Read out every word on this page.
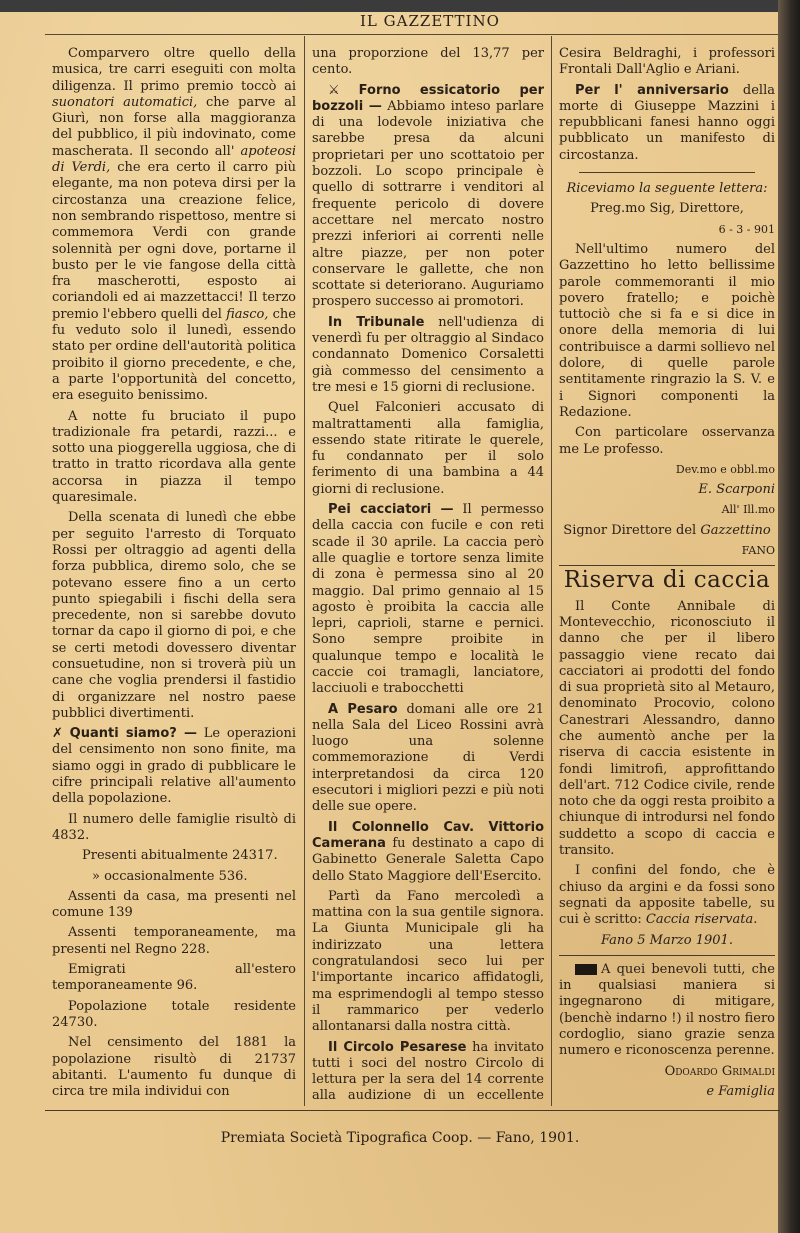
IL GAZZETTINO

Comparvero oltre quello della musica, tre carri eseguiti con molta diligenza. Il primo premio toccò ai suonatori automatici, che parve al Giurì, non forse alla maggioranza del pubblico, il più indovinato, come mascherata. Il secondo all' apoteosi di Verdi, che era certo il carro più elegante, ma non poteva dirsi per la circostanza una creazione felice, non sembrando rispettoso, mentre si commemora Verdi con grande solennità per ogni dove, portarne il busto per le vie fangose della città fra mascherotti, esposto ai coriandoli ed ai mazzettacci! Il terzo premio l'ebbero quelli del fiasco, che fu veduto solo il lunedì, essendo stato per ordine dell'autorità politica proibito il giorno precedente, e che, a parte l'opportunità del concetto, era eseguito benissimo.

A notte fu bruciato il pupo tradizionale fra petardi, razzi... e sotto una pioggerella uggiosa, che di tratto in tratto ricordava alla gente accorsa in piazza il tempo quaresimale.

Della scenata di lunedì che ebbe per seguito l'arresto di Torquato Rossi per oltraggio ad agenti della forza pubblica, diremo solo, che se potevano essere fino a un certo punto spiegabili i fischi della sera precedente, non si sarebbe dovuto tornar da capo il giorno di poi, e che se certi metodi dovessero diventar consuetudine, non si troverà più un cane che voglia prendersi il fastidio di organizzare nel nostro paese pubblici divertimenti.

✗ Quanti siamo? — Le operazioni del censimento non sono finite, ma siamo oggi in grado di pubblicare le cifre principali relative all'aumento della popolazione.

Il numero delle famiglie risultò di 4832.

Presenti abitualmente 24317.

» occasionalmente 536.

Assenti da casa, ma presenti nel comune 139

Assenti temporaneamente, ma presenti nel Regno 228.

Emigrati all'estero temporaneamente 96.

Popolazione totale residente 24730.

Nel censimento del 1881 la popolazione risultò di 21737 abitanti. L'aumento fu dunque di circa tre mila individui con

una proporzione del 13,77 per cento.

⚔ Forno essicatorio per bozzoli — Abbiamo inteso parlare di una lodevole iniziativa che sarebbe presa da alcuni proprietari per uno scottatoio per bozzoli. Lo scopo principale è quello di sottrarre i venditori al frequente pericolo di dovere accettare nel mercato nostro prezzi inferiori ai correnti nelle altre piazze, per non poter conservare le gallette, che non scottate si deteriorano. Auguriamo prospero successo ai promotori.

In Tribunale nell'udienza di venerdì fu per oltraggio al Sindaco condannato Domenico Corsaletti già commesso del censimento a tre mesi e 15 giorni di reclusione.

Quel Falconieri accusato di maltrattamenti alla famiglia, essendo state ritirate le querele, fu condannato per il solo ferimento di una bambina a 44 giorni di reclusione.

Pei cacciatori — Il permesso della caccia con fucile e con reti scade il 30 aprile. La caccia però alle quaglie e tortore senza limite di zona è permessa sino al 20 maggio. Dal primo gennaio al 15 agosto è proibita la caccia alle lepri, caprioli, starne e pernici. Sono sempre proibite in qualunque tempo e località le caccie coi tramagli, lanciatore, lacciuoli e trabocchetti

A Pesaro domani alle ore 21 nella Sala del Liceo Rossini avrà luogo una solenne commemorazione di Verdi interpretandosi da circa 120 esecutori i migliori pezzi e più noti delle sue opere.

Il Colonnello Cav. Vittorio Camerana fu destinato a capo di Gabinetto Generale Saletta Capo dello Stato Maggiore dell'Esercito.

Partì da Fano mercoledì a mattina con la sua gentile signora. La Giunta Municipale gli ha indirizzato una lettera congratulandosi seco lui per l'importante incarico affidatogli, ma esprimendogli al tempo stesso il rammarico per vederlo allontanarsi dalla nostra città.

Il Circolo Pesarese ha invitato tutti i soci del nostro Circolo di lettura per la sera del 14 corrente alla audizione di un eccellente

Cesira Beldraghi, i professori Frontali Dall'Aglio e Ariani.

Per l' anniversario della morte di Giuseppe Mazzini i repubblicani fanesi hanno oggi pubblicato un manifesto di circostanza.

Riceviamo la seguente lettera:

Preg.mo Sig, Direttore,

6 - 3 - 901

Nell'ultimo numero del Gazzettino ho letto bellissime parole commemoranti il mio povero fratello; e poichè tuttociò che si fa e si dice in onore della memoria di lui contribuisce a darmi sollievo nel dolore, di quelle parole sentitamente ringrazio la S. V. e i Signori componenti la Redazione.

Con particolare osservanza me Le professo.

Dev.mo e obbl.mo

E. Scarponi

All' Ill.mo

Signor Direttore del Gazzettino

FANO

Riserva di caccia

Il Conte Annibale di Montevecchio, riconosciuto il danno che per il libero passaggio viene recato dai cacciatori ai prodotti del fondo di sua proprietà sito al Metauro, denominato Procovio, colono Canestrari Alessandro, danno che aumentò anche per la riserva di caccia esistente in fondi limitrofi, approfittando dell'art. 712 Codice civile, rende noto che da oggi resta proibito a chiunque di introdursi nel fondo suddetto a scopo di caccia e transito.

I confini del fondo, che è chiuso da argini e da fossi sono segnati da apposite tabelle, su cui è scritto: Caccia riservata.

Fano 5 Marzo 1901.

A quei benevoli tutti, che in qualsiasi maniera si ingegnarono di mitigare, (benchè indarno !) il nostro fiero cordoglio, siano grazie senza numero e riconoscenza perenne.

Odoardo Grimaldi

e Famiglia

Premiata Società Tipografica Coop. — Fano, 1901.
